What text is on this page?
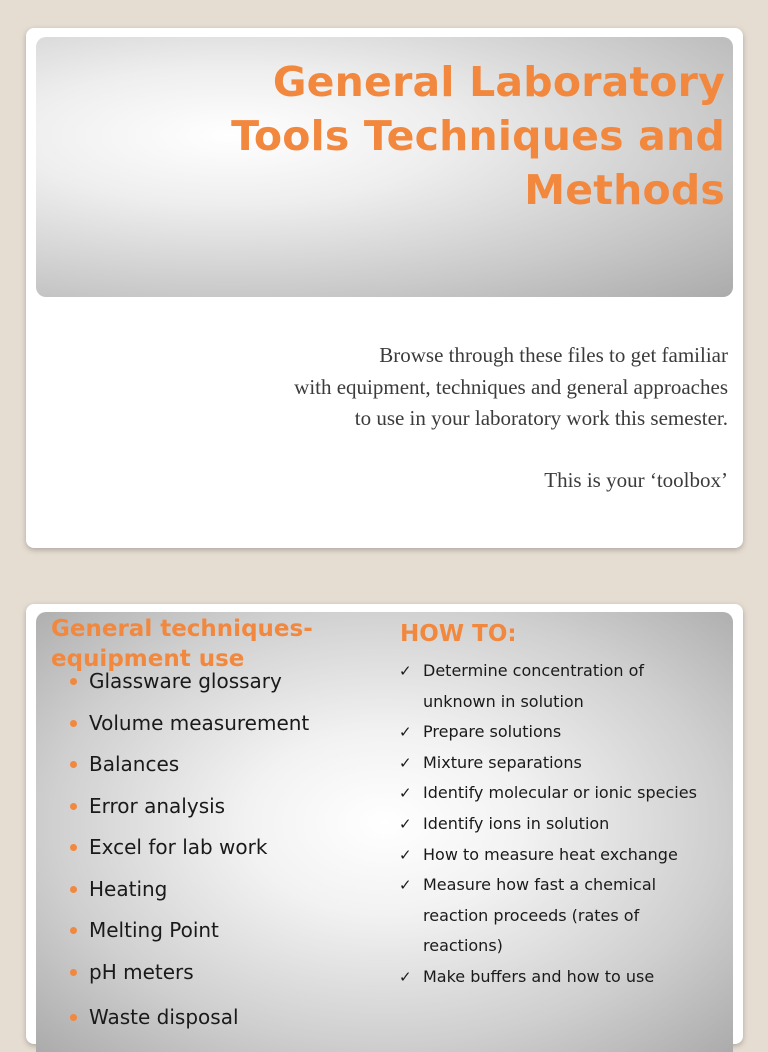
General Laboratory
Tools Techniques and
Methods
Browse through these files to get familiar
with equipment, techniques and general approaches
to use in your laboratory work this semester.
This is your ‘toolbox’
General techniques-
equipment use
Glassware glossary
Volume measurement
Balances
Error analysis
Excel for lab work
Heating
Melting Point
pH meters
Waste disposal
HOW TO:
✓ Determine concentration of unknown in solution
✓ Prepare solutions
✓ Mixture separations
✓ Identify molecular or ionic species
✓ Identify ions in solution
✓ How to measure heat exchange
✓ Measure how fast a chemical reaction proceeds (rates of reactions)
✓ Make buffers and how to use
